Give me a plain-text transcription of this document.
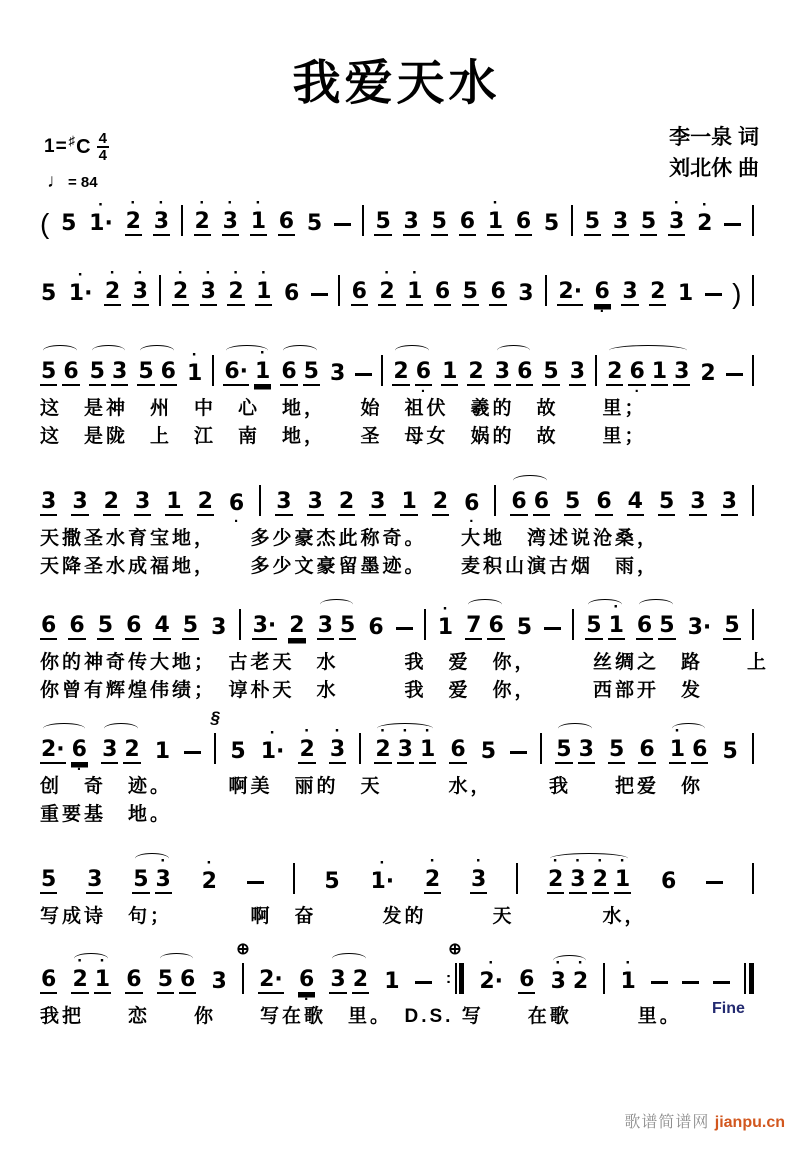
我爱天水
1= ♯ C $\frac{4}{4}$
♩ = 84
李一泉 词
刘北休 曲
( 5
·
1·
·
2
·
3
·
2
·
3
·
1 6 5 5 3 5 6
·
1 6 5 5 3 5
·
3
·
2
5
·
1·
·
2
·
3
·
2
·
3
·
2
·
1 6 6
·
2
·
1 6 5 6 3 2· 6
·
3 2 1 )
5 6 5 3 5 6
·
1 6·
·
1 6 5 3 2 6
·
1 2 3 6 5 3 2 6
·
1 3 2
这　是神　州　中　心　地，　　始　祖伏　羲的　故　　里；
这　是陇　上　江　南　地，　　圣　母女　娲的　故　　里；
3 3 2 3 1 2 6
·
3 3 2 3 1 2 6
·
6 6 5 6 4 5 3 3
天撒圣水育宝地，　　多少豪杰此称奇。　　大地　湾述说沧桑，
天降圣水成福地，　　多少文豪留墨迹。　　麦积山演古烟　雨，
6 6 5 6 4 5 3 3· 2 3 5 6
·
1 7 6 5 5
·
1 6 5 3· 5
你的神奇传大地；　古老天　水　　　我　爱　你，　　　丝绸之　路　　上
你曾有辉煌伟绩；　谆朴天　水　　　我　爱　你，　　　西部开　发
2· 6
·
3 2 1
§
5
·
1·
·
2
·
3
·
2
·
3
·
1 6 5	5 3 5 6
·
1 6 5
创　奇　迹。　　　啊美　丽的　天　　　水，　　　我　　把爱　你
重要基　地。
5 3 5
·
3
·
2	5
·
1·
·
2
·
3
·
2
·
3
·
2
·
1 6
写成诗　句；　　　　啊　奋　　　发的　　　天　　　　水，
6
·
2
·
1 6 5 6 3
⊕
2· 6
·
3 2 1
⊕
:
·
2· 6
·
3
·
2
·
1
我把　　恋　　你　　写在歌　里。　D.S. 写　　在歌　　　里。	Fine

歌谱简谱网 jianpu.cn
